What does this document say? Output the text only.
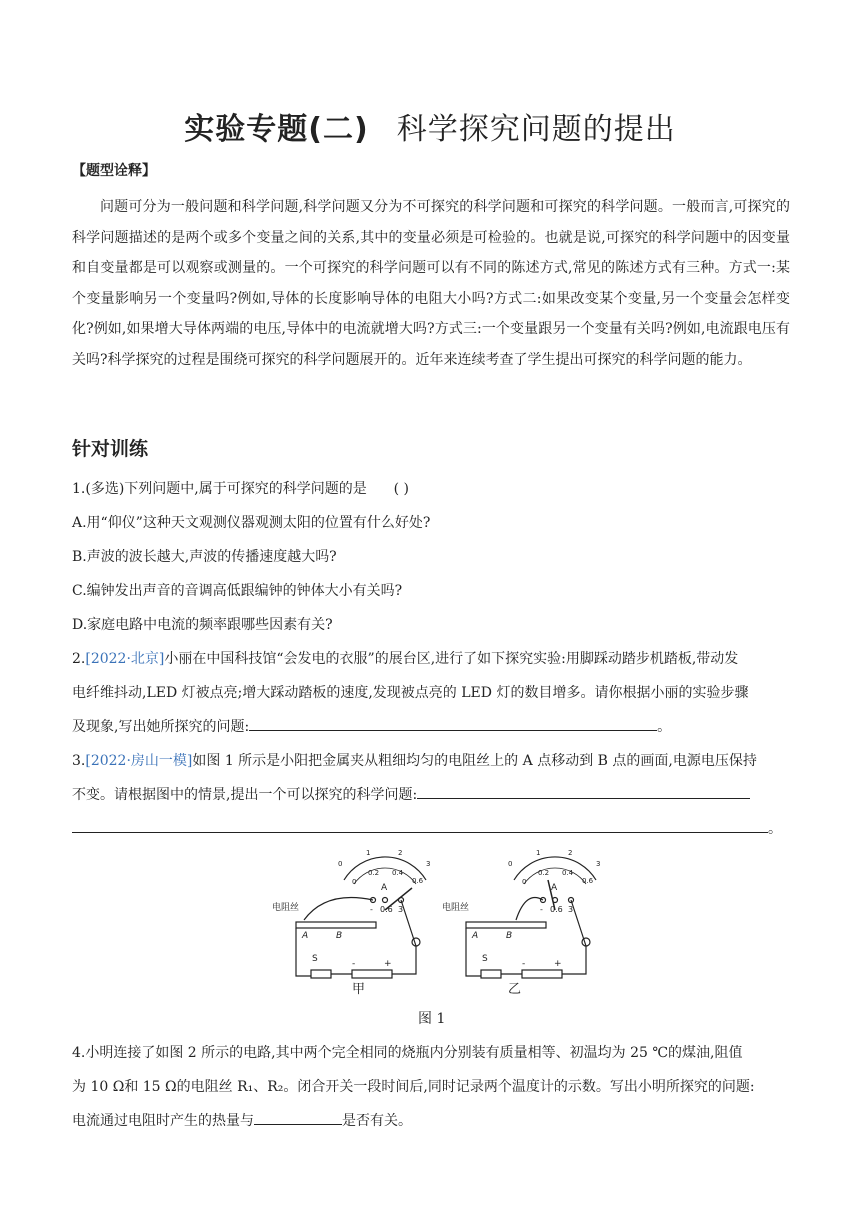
实验专题(二) 科学探究问题的提出
【题型诠释】
问题可分为一般问题和科学问题,科学问题又分为不可探究的科学问题和可探究的科学问题。一般而言,可探究的科学问题描述的是两个或多个变量之间的关系,其中的变量必须是可检验的。也就是说,可探究的科学问题中的因变量和自变量都是可以观察或测量的。一个可探究的科学问题可以有不同的陈述方式,常见的陈述方式有三种。方式一:某个变量影响另一个变量吗?例如,导体的长度影响导体的电阻大小吗?方式二:如果改变某个变量,另一个变量会怎样变化?例如,如果增大导体两端的电压,导体中的电流就增大吗?方式三:一个变量跟另一个变量有关吗?例如,电流跟电压有关吗?科学探究的过程是围绕可探究的科学问题展开的。近年来连续考查了学生提出可探究的科学问题的能力。
针对训练
1.(多选)下列问题中,属于可探究的科学问题的是 ( )
A.用“仰仪”这种天文观测仪器观测太阳的位置有什么好处?
B.声波的波长越大,声波的传播速度越大吗?
C.编钟发出声音的音调高低跟编钟的钟体大小有关吗?
D.家庭电路中电流的频率跟哪些因素有关?
2.[2022·北京]小丽在中国科技馆“会发电的衣服”的展台区,进行了如下探究实验:用脚踩动踏步机踏板,带动发
电纤维抖动,LED 灯被点亮;增大踩动踏板的速度,发现被点亮的 LED 灯的数目增多。请你根据小丽的实验步骤
及现象,写出她所探究的问题:	。
3.[2022·房山一模]如图 1 所示是小阳把金属夹从粗细均匀的电阻丝上的 A 点移动到 B 点的画面,电源电压保持
不变。请根据图中的情景,提出一个可以探究的科学问题:
。
0
1	2
3
0
0.2 0.4
0.6
A
- 0.6 3
电阻丝
A	B
S	-	+
0
1	2
3
0
0.2 0.4
0.6
A
- 0.6 3
电阻丝
A	B
S	-	+
甲	乙
图 1
4.小明连接了如图 2 所示的电路,其中两个完全相同的烧瓶内分别装有质量相等、初温均为 25 ℃的煤油,阻值
为 10 Ω和 15 Ω的电阻丝 R₁、R₂。闭合开关一段时间后,同时记录两个温度计的示数。写出小明所探究的问题:
电流通过电阻时产生的热量与	是否有关。
